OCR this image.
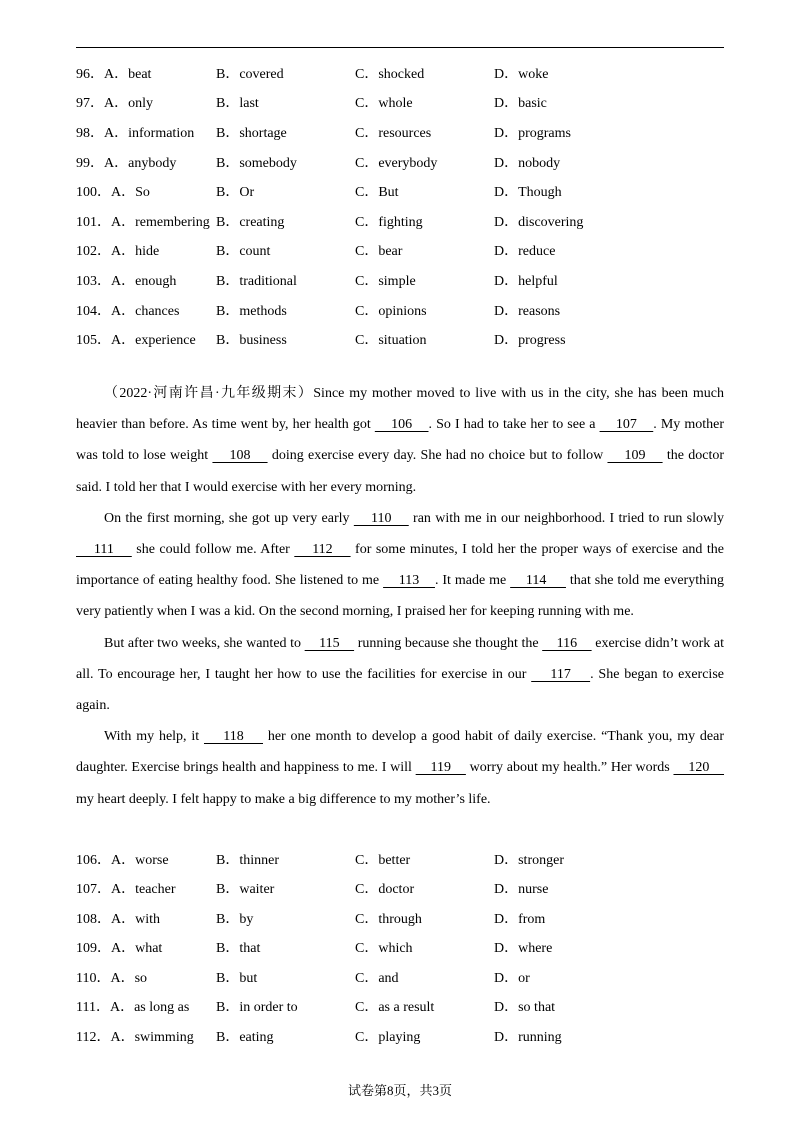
96．A．beat	B．covered	C．shocked	D．woke
97．A．only	B．last	C．whole	D．basic
98．A．information	B．shortage	C．resources	D．programs
99．A．anybody	B．somebody	C．everybody	D．nobody
100．A．So	B．Or	C．But	D．Though
101．A．remembering B．creating	C．fighting	D．discovering
102．A．hide	B．count	C．bear	D．reduce
103．A．enough	B．traditional	C．simple	D．helpful
104．A．chances	B．methods	C．opinions	D．reasons
105．A．experience	B．business	C．situation	D．progress

（2022·河南许昌·九年级期末）Since my mother moved to live with us in the city, she has been much heavier than before. As time went by, her health got     106    . So I had to take her to see a     107    . My mother was told to lose weight     108     doing exercise every day. She had no choice but to follow     109     the doctor said. I told her that I would exercise with her every morning.

On the first morning, she got up very early     110     ran with me in our neighborhood. I tried to run slowly     111     she could follow me. After     112     for some minutes, I told her the proper ways of exercise and the importance of eating healthy food. She listened to me     113    . It made me     114      that she told me everything very patiently when I was a kid. On the second morning, I praised her for keeping running with me.

But after two weeks, she wanted to     115     running because she thought the     116     exercise didn’t work at all. To encourage her, I taught her how to use the facilities for exercise in our     117    . She began to exercise again.

With my help, it     118     her one month to develop a good habit of daily exercise. “Thank you, my dear daughter. Exercise brings health and happiness to me. I will     119     worry about my health.” Her words     120     my heart deeply. I felt happy to make a big difference to my mother’s life.

106．A．worse	B．thinner	C．better	D．stronger
107．A．teacher	B．waiter	C．doctor	D．nurse
108．A．with	B．by	C．through	D．from
109．A．what	B．that	C．which	D．where
110．A．so	B．but	C．and	D．or
111．A．as long as	B．in order to	C．as a result	D．so that
112．A．swimming	B．eating	C．playing	D．running
试卷第8页，共3页
